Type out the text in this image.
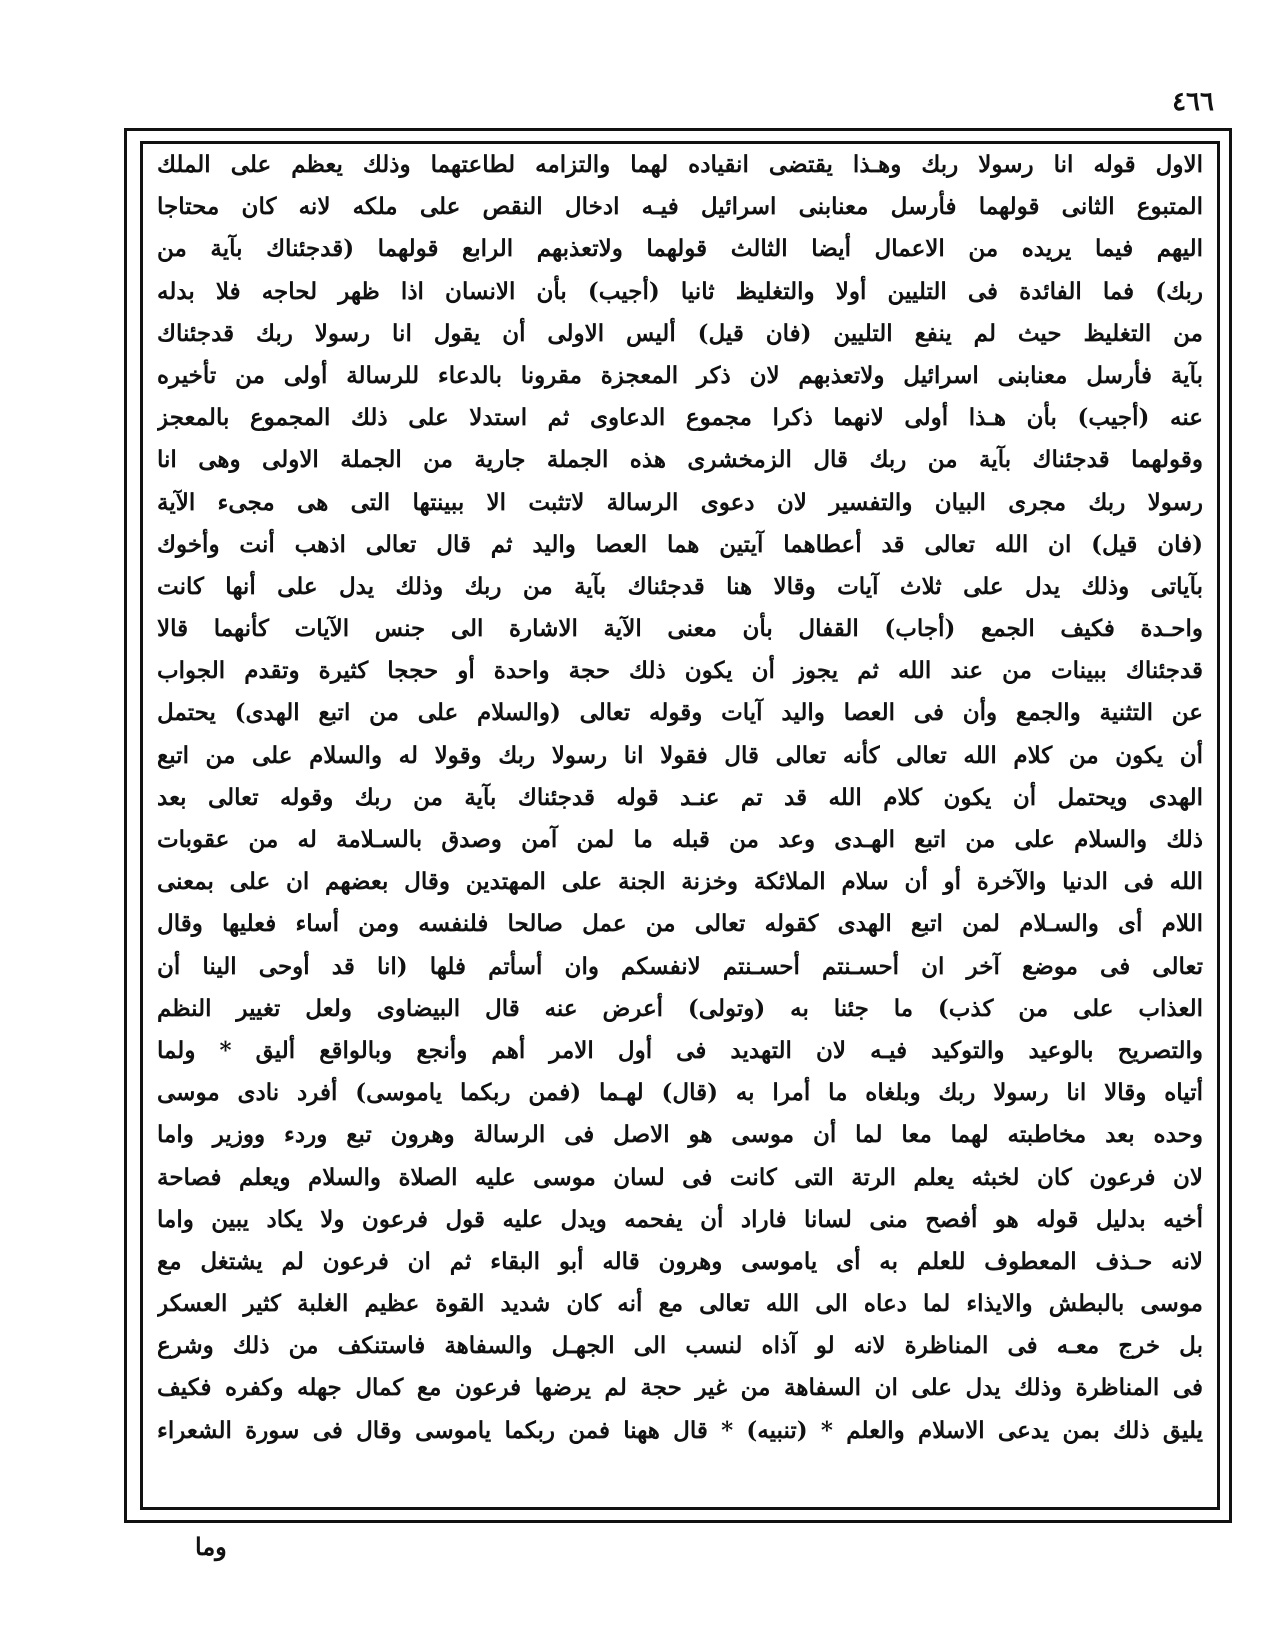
٤٦٦
الاول قوله انا رسولا ربك وهـذا يقتضى انقياده لهما والتزامه لطاعتهما وذلك يعظم على الملك
المتبوع الثانى قولهما فأرسل معنابنى اسرائيل فيـه ادخال النقص على ملكه لانه كان محتاجا
اليهم فيما يريده من الاعمال أيضا الثالث قولهما ولاتعذبهم الرابع قولهما (قدجئناك بآية من
ربك) فما الفائدة فى التليين أولا والتغليظ ثانيا (أجيب) بأن الانسان اذا ظهر لحاجه فلا بدله
من التغليظ حيث لم ينفع التليين (فان قيل) أليس الاولى أن يقول انا رسولا ربك قدجئناك
بآية فأرسل معنابنى اسرائيل ولاتعذبهم لان ذكر المعجزة مقرونا بالدعاء للرسالة أولى من تأخيره
عنه (أجيب) بأن هـذا أولى لانهما ذكرا مجموع الدعاوى ثم استدلا على ذلك المجموع بالمعجز
وقولهما قدجئناك بآية من ربك قال الزمخشرى هذه الجملة جارية من الجملة الاولى وهى انا
رسولا ربك مجرى البيان والتفسير لان دعوى الرسالة لاتثبت الا ببينتها التى هى مجىء الآية
(فان قيل) ان الله تعالى قد أعطاهما آيتين هما العصا واليد ثم قال تعالى اذهب أنت وأخوك
بآياتى وذلك يدل على ثلاث آيات وقالا هنا قدجئناك بآية من ربك وذلك يدل على أنها كانت
واحـدة فكيف الجمع (أجاب) القفال بأن معنى الآية الاشارة الى جنس الآيات كأنهما قالا
قدجئناك ببينات من عند الله ثم يجوز أن يكون ذلك حجة واحدة أو حججا كثيرة وتقدم الجواب
عن التثنية والجمع وأن فى العصا واليد آيات وقوله تعالى (والسلام على من اتبع الهدى) يحتمل
أن يكون من كلام الله تعالى كأنه تعالى قال فقولا انا رسولا ربك وقولا له والسلام على من اتبع
الهدى ويحتمل أن يكون كلام الله قد تم عنـد قوله قدجئناك بآية من ربك وقوله تعالى بعد
ذلك والسلام على من اتبع الهـدى وعد من قبله ما لمن آمن وصدق بالسـلامة له من عقوبات
الله فى الدنيا والآخرة أو أن سلام الملائكة وخزنة الجنة على المهتدين وقال بعضهم ان على بمعنى
اللام أى والسـلام لمن اتبع الهدى كقوله تعالى من عمل صالحا فلنفسه ومن أساء فعليها وقال
تعالى فى موضع آخر ان أحسـنتم أحسـنتم لانفسكم وان أسأتم فلها (انا قد أوحى الينا أن
العذاب على من كذب) ما جئنا به (وتولى) أعرض عنه قال البيضاوى ولعل تغيير النظم
والتصريح بالوعيد والتوكيد فيـه لان التهديد فى أول الامر أهم وأنجع وبالواقع أليق * ولما
أتياه وقالا انا رسولا ربك وبلغاه ما أمرا به (قال) لهـما (فمن ربكما ياموسى) أفرد نادى موسى
وحده بعد مخاطبته لهما معا لما أن موسى هو الاصل فى الرسالة وهرون تبع وردء ووزير واما
لان فرعون كان لخبثه يعلم الرتة التى كانت فى لسان موسى عليه الصلاة والسلام ويعلم فصاحة
أخيه بدليل قوله هو أفصح منى لسانا فاراد أن يفحمه ويدل عليه قول فرعون ولا يكاد يبين واما
لانه حـذف المعطوف للعلم به أى ياموسى وهرون قاله أبو البقاء ثم ان فرعون لم يشتغل مع
موسى بالبطش والايذاء لما دعاه الى الله تعالى مع أنه كان شديد القوة عظيم الغلبة كثير العسكر
بل خرج معـه فى المناظرة لانه لو آذاه لنسب الى الجهـل والسفاهة فاستنكف من ذلك وشرع
فى المناظرة وذلك يدل على ان السفاهة من غير حجة لم يرضها فرعون مع كمال جهله وكفره فكيف
يليق ذلك بمن يدعى الاسلام والعلم * (تنبيه) * قال ههنا فمن ربكما ياموسى وقال فى سورة الشعراء
وما
